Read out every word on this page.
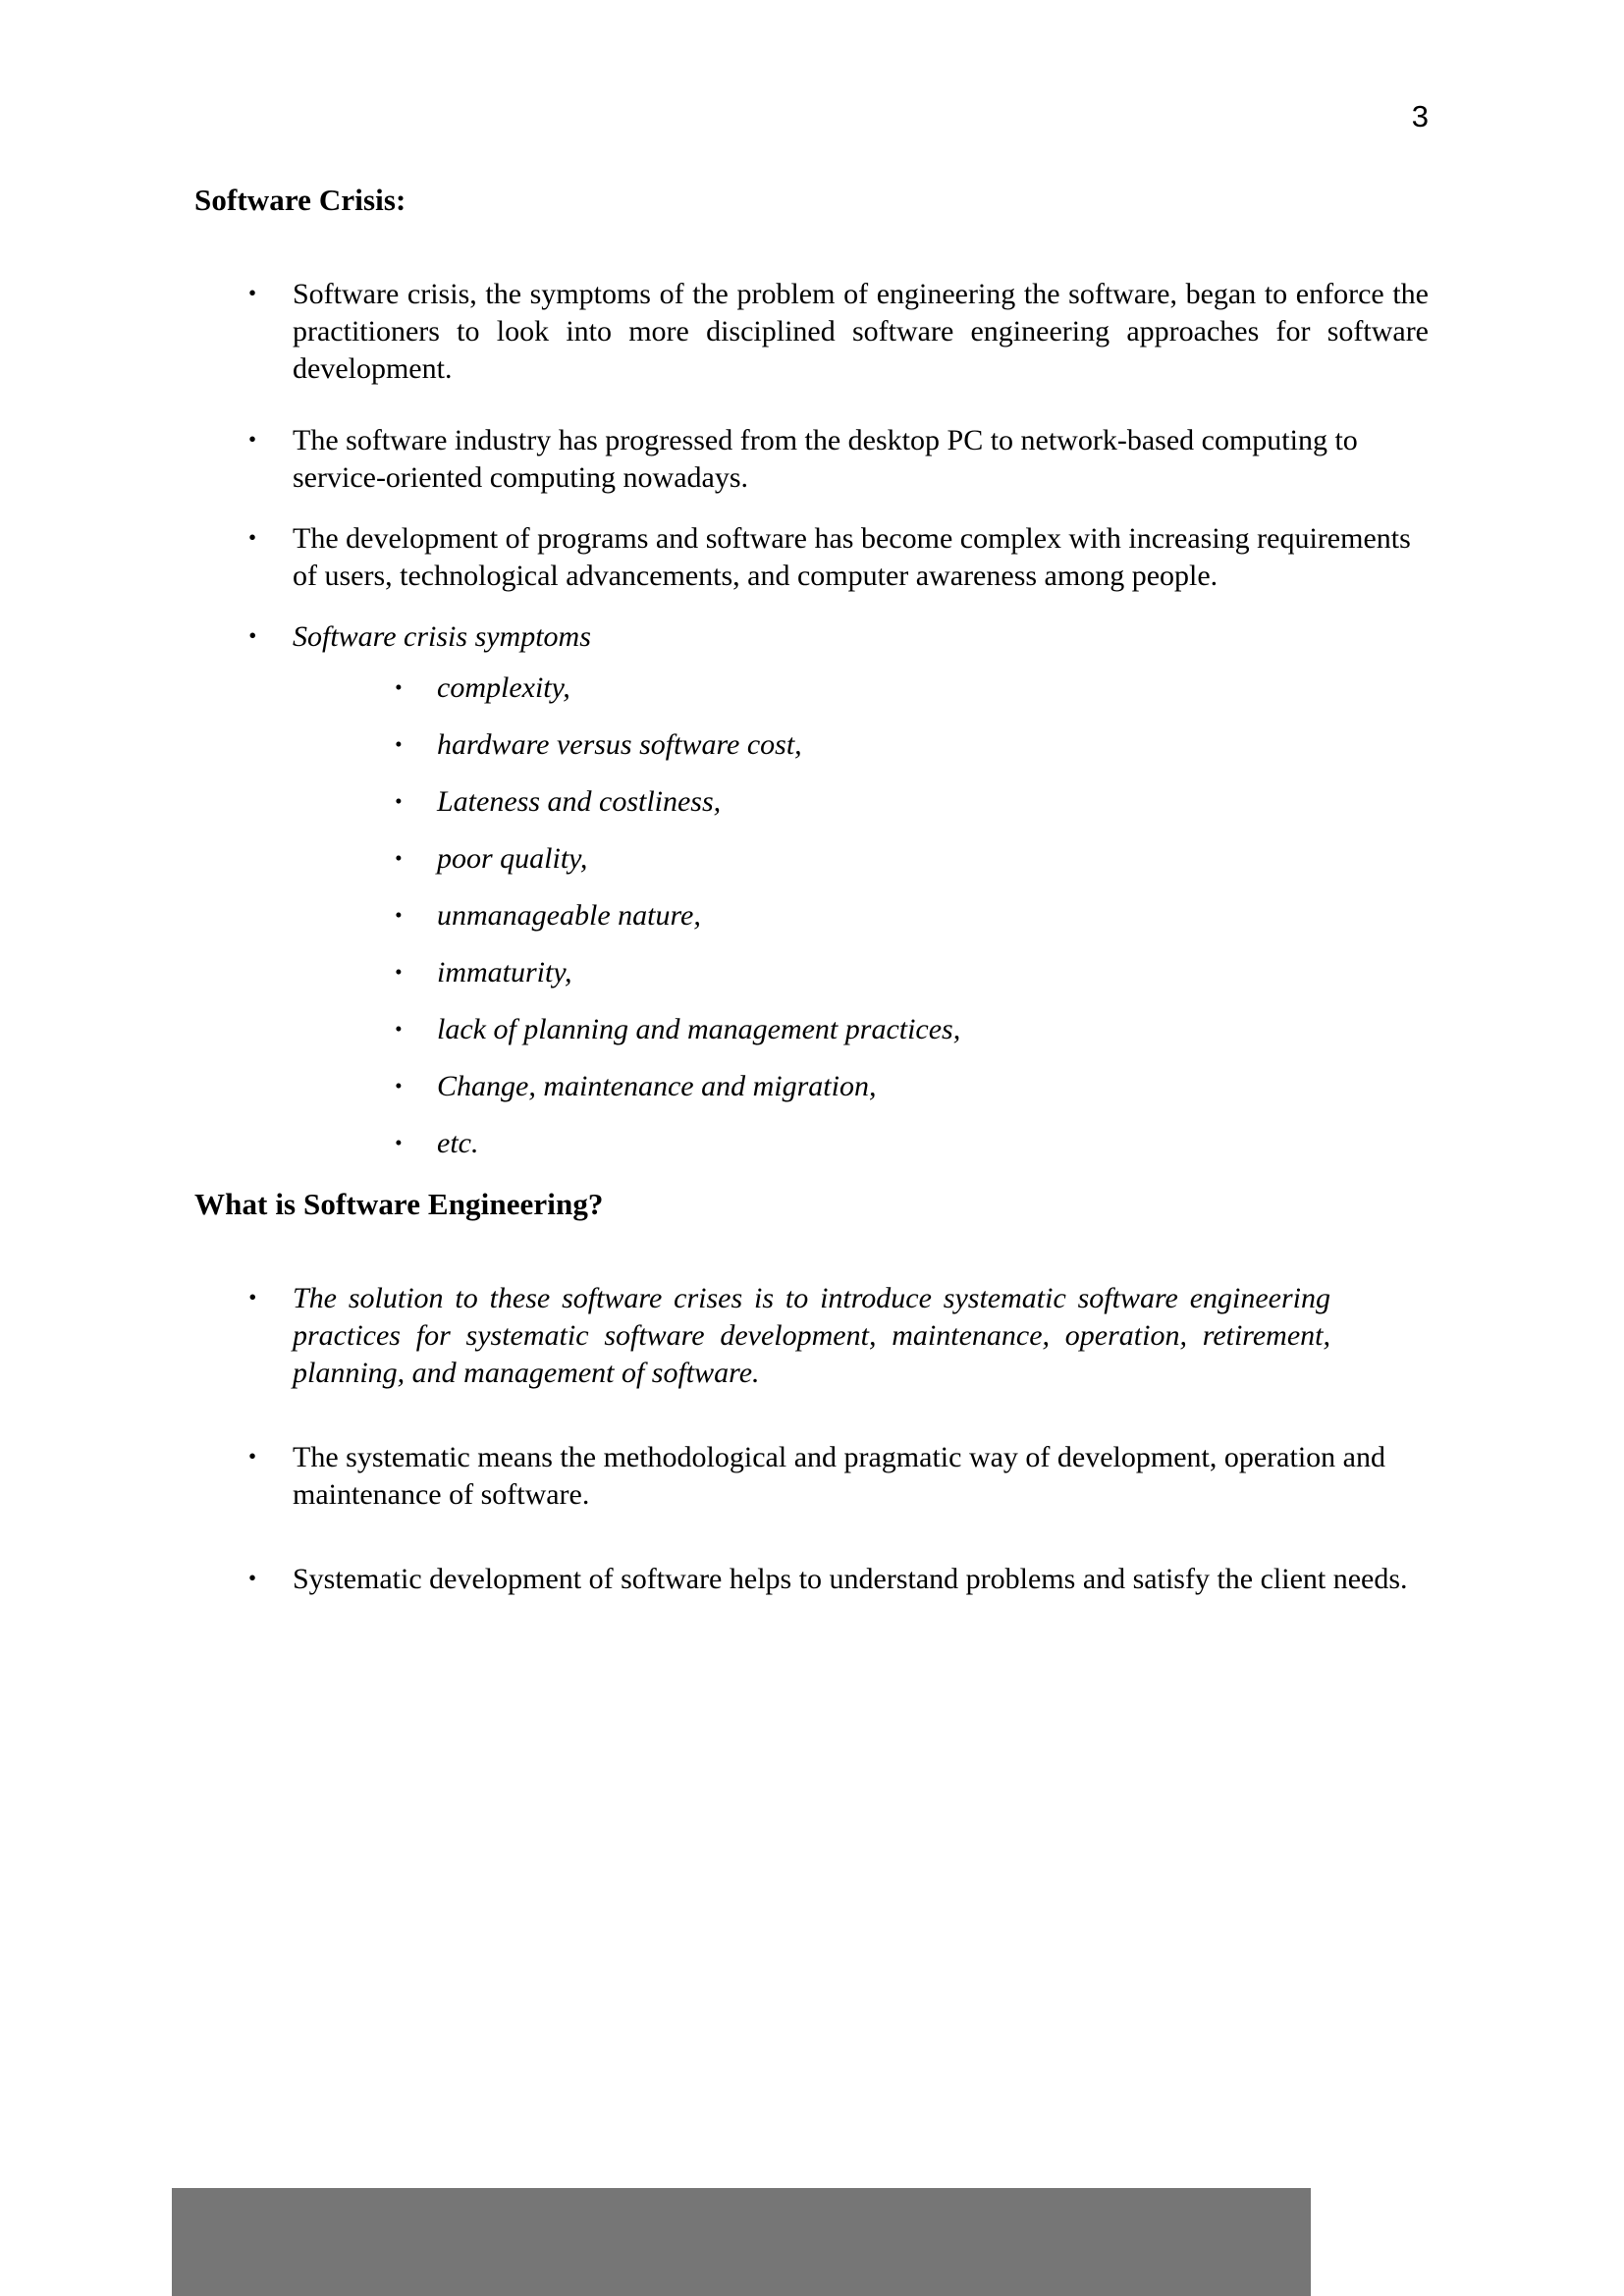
3
Software Crisis:
• Software crisis, the symptoms of the problem of engineering the software, began to enforce the practitioners to look into more disciplined software engineering approaches for software development.
• The software industry has progressed from the desktop PC to network-based computing to service-oriented computing nowadays.
• The development of programs and software has become complex with increasing requirements of users, technological advancements, and computer awareness among people.
• Software crisis symptoms
• complexity,
• hardware versus software cost,
• Lateness and costliness,
• poor quality,
• unmanageable nature,
• immaturity,
• lack of planning and management practices,
• Change, maintenance and migration,
• etc.
What is Software Engineering?
• The solution to these software crises is to introduce systematic software engineering practices for systematic software development, maintenance, operation, retirement, planning, and management of software.
• The systematic means the methodological and pragmatic way of development, operation and maintenance of software.
• Systematic development of software helps to understand problems and satisfy the client needs.
